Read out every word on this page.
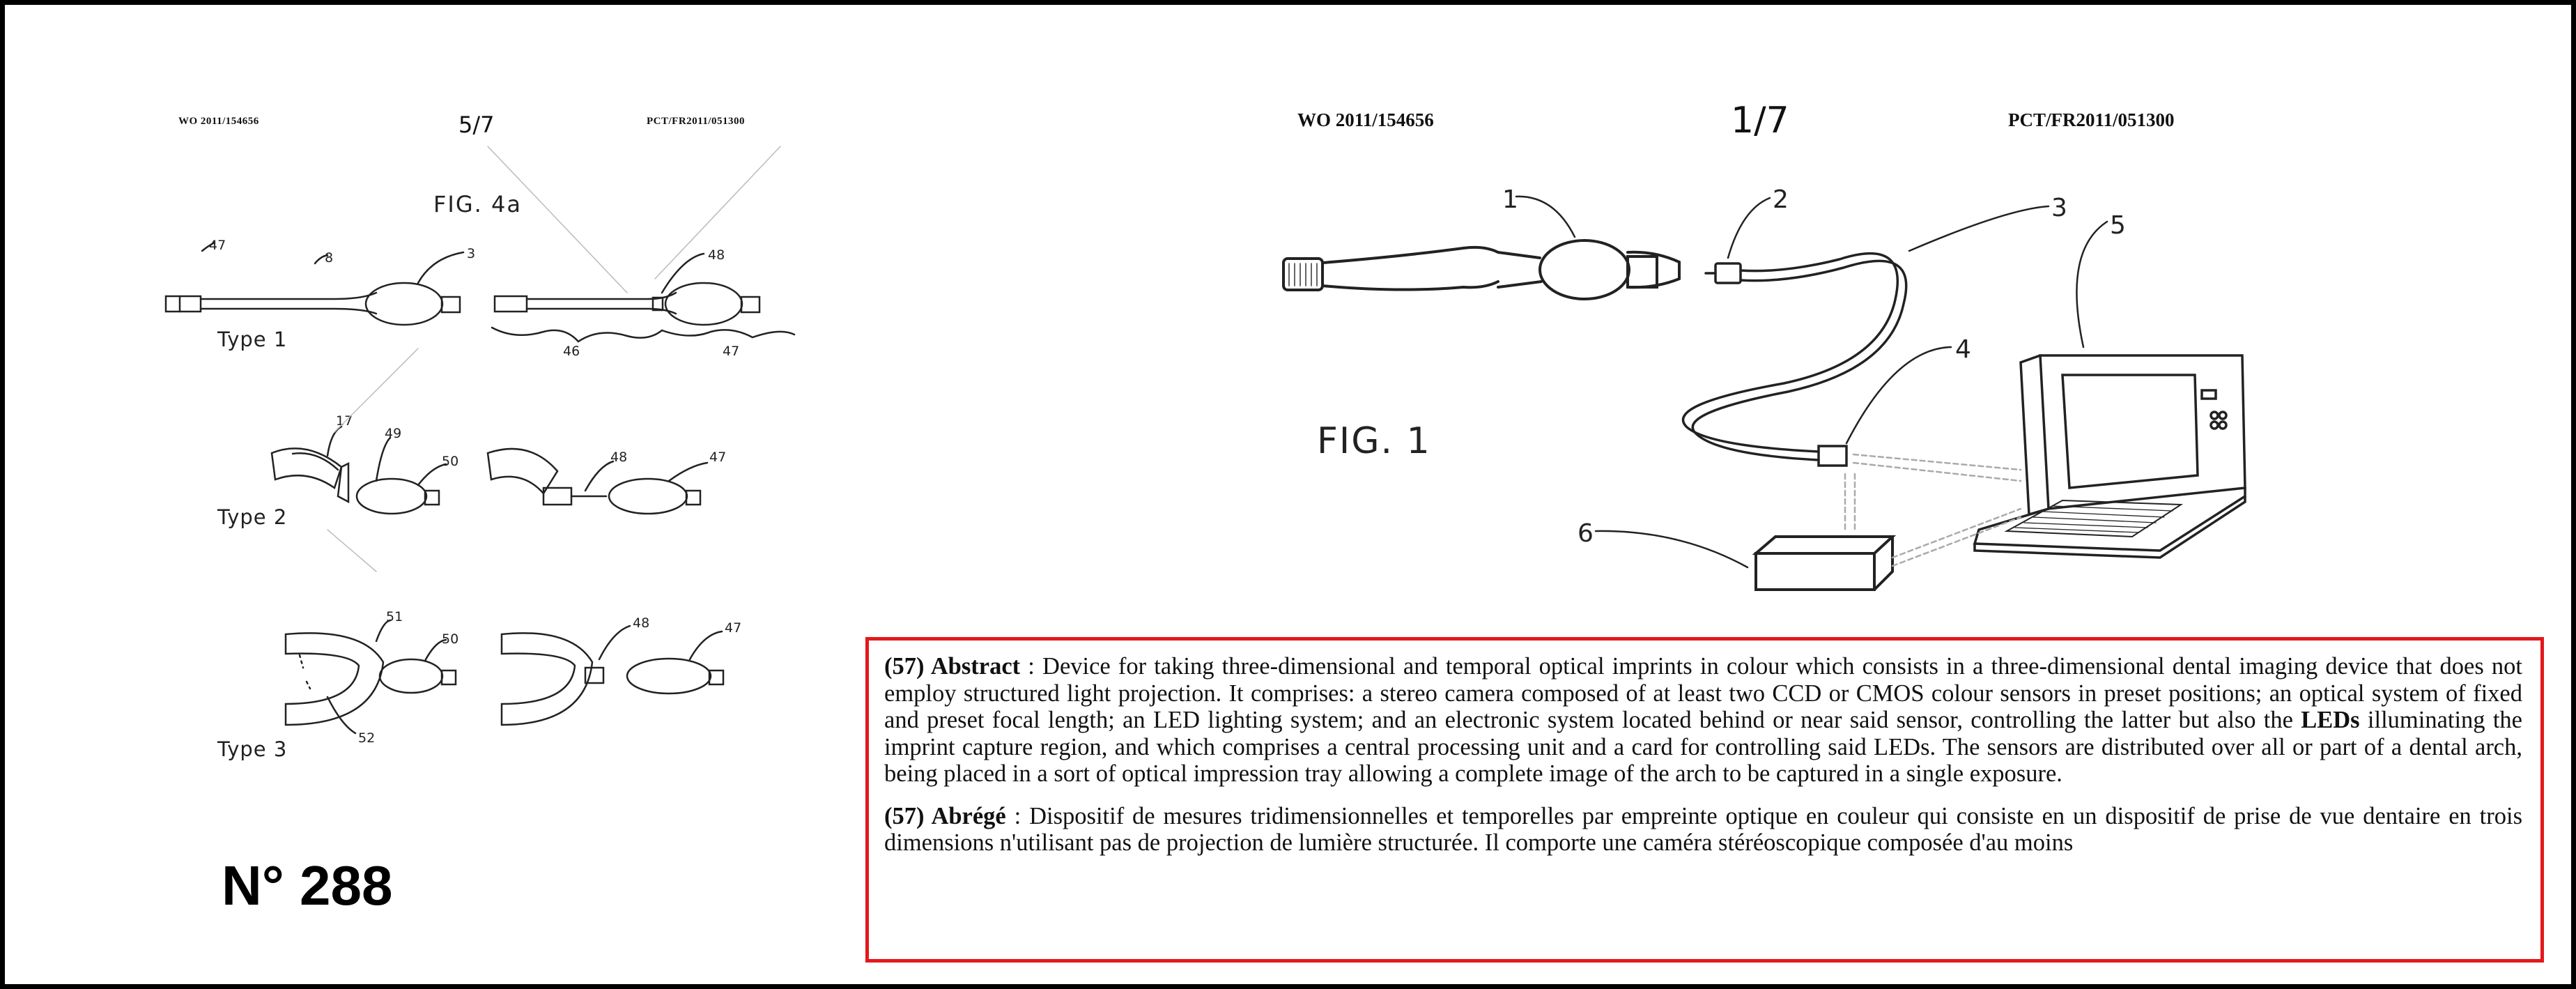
WO 2011/154656	5/7	PCT/FR2011/051300
FIG. 4a
Type 1
Type 2
Type 3
47
8	3	48
46	47
17
49
50	48	47
51
50
52
48	47
WO 2011/154656	1/7	PCT/FR2011/051300
FIG. 1
1	2	3
4
5
6
N° 288

(57) Abstract : Device for taking three-dimensional and temporal optical imprints in colour which consists in a three-dimensional dental imaging device that does not employ structured light projection. It comprises: a stereo camera composed of at least two CCD or CMOS colour sensors in preset positions; an optical system of fixed and preset focal length; an LED lighting system; and an electronic system located behind or near said sensor, controlling the latter but also the LEDs illuminating the imprint capture region, and which comprises a central processing unit and a card for controlling said LEDs. The sensors are distributed over all or part of a dental arch, being placed in a sort of optical impression tray allowing a complete image of the arch to be captured in a single exposure.

(57) Abrégé : Dispositif de mesures tridimensionnelles et temporelles par empreinte optique en couleur qui consiste en un dispositif de prise de vue dentaire en trois dimensions n'utilisant pas de projection de lumière structurée. Il comporte une caméra stéréoscopique composée d'au moins
